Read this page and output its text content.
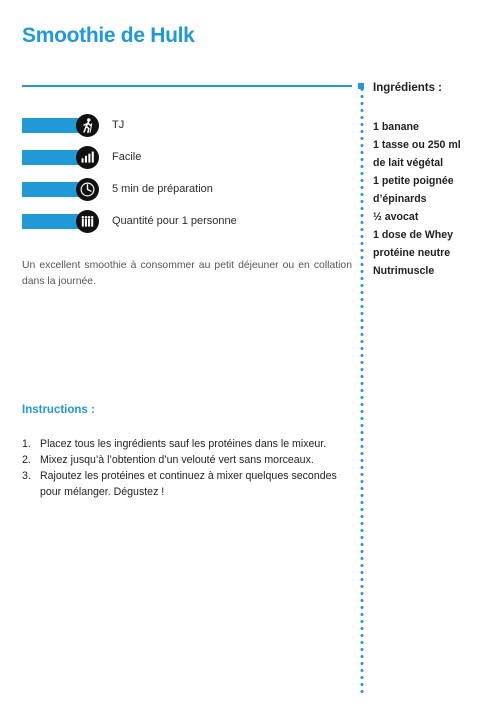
Smoothie de Hulk
TJ
Facile
5 min de préparation
Quantité pour 1 personne

Un excellent smoothie à consommer au petit déjeuner ou en collation dans la journée.

Instructions :
1. Placez tous les ingrédients sauf les protéines dans le mixeur.
2. Mixez jusqu’à l’obtention d’un velouté vert sans morceaux.
3. Rajoutez les protéines et continuez à mixer quelques secondes pour mélanger. Dégustez !
Ingrédients :
1 banane
1 tasse ou 250 ml
de lait végétal
1 petite poignée
d’épinards
½ avocat
1 dose de Whey
protéine neutre
Nutrimuscle
